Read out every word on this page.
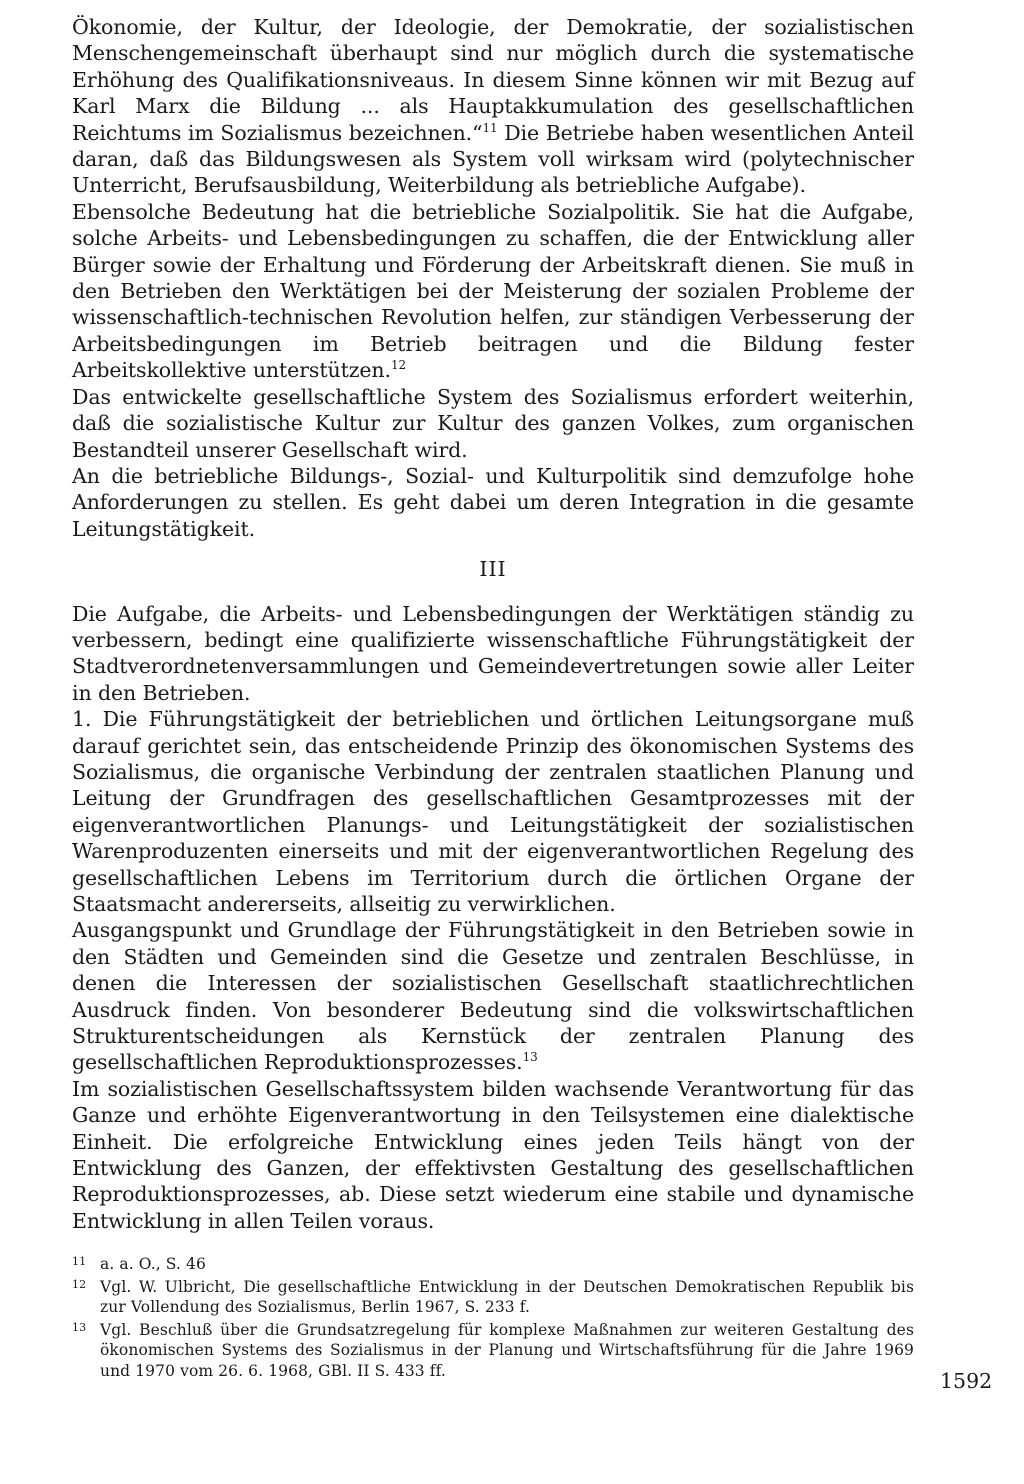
Ökonomie, der Kultur, der Ideologie, der Demokratie, der sozialistischen Menschengemeinschaft überhaupt sind nur möglich durch die systematische Erhöhung des Qualifikationsniveaus. In diesem Sinne können wir mit Bezug auf Karl Marx die Bildung ... als Hauptakkumulation des gesellschaftlichen Reichtums im Sozialismus bezeichnen.“$^{11}$ Die Betriebe haben wesentlichen Anteil daran, daß das Bildungswesen als System voll wirksam wird (polytechnischer Unterricht, Berufsausbildung, Weiterbildung als betriebliche Aufgabe).

Ebensolche Bedeutung hat die betriebliche Sozialpolitik. Sie hat die Aufgabe, solche Arbeits- und Lebensbedingungen zu schaffen, die der Entwicklung aller Bürger sowie der Erhaltung und Förderung der Arbeitskraft dienen. Sie muß in den Betrieben den Werktätigen bei der Meisterung der sozialen Probleme der wissenschaftlich-technischen Revolution helfen, zur ständigen Verbesserung der Arbeitsbedingungen im Betrieb beitragen und die Bildung fester Arbeitskollektive unterstützen.$^{12}$

Das entwickelte gesellschaftliche System des Sozialismus erfordert weiterhin, daß die sozialistische Kultur zur Kultur des ganzen Volkes, zum organischen Bestandteil unserer Gesellschaft wird.

An die betriebliche Bildungs-, Sozial- und Kulturpolitik sind demzufolge hohe Anforderungen zu stellen. Es geht dabei um deren Integration in die gesamte Leitungstätigkeit.

III

Die Aufgabe, die Arbeits- und Lebensbedingungen der Werktätigen ständig zu verbessern, bedingt eine qualifizierte wissenschaftliche Führungstätigkeit der Stadtverordnetenversammlungen und Gemeindevertretungen sowie aller Leiter in den Betrieben.

1. Die Führungstätigkeit der betrieblichen und örtlichen Leitungsorgane muß darauf gerichtet sein, das entscheidende Prinzip des ökonomischen Systems des Sozialismus, die organische Verbindung der zentralen staatlichen Planung und Leitung der Grundfragen des gesellschaftlichen Gesamtprozesses mit der eigenverantwortlichen Planungs- und Leitungstätigkeit der sozialistischen Warenproduzenten einerseits und mit der eigenverantwortlichen Regelung des gesellschaftlichen Lebens im Territorium durch die örtlichen Organe der Staatsmacht andererseits, allseitig zu verwirklichen.

Ausgangspunkt und Grundlage der Führungstätigkeit in den Betrieben sowie in den Städten und Gemeinden sind die Gesetze und zentralen Beschlüsse, in denen die Interessen der sozialistischen Gesellschaft staatlichrechtlichen Ausdruck finden. Von besonderer Bedeutung sind die volkswirtschaftlichen Strukturentscheidungen als Kernstück der zentralen Planung des gesellschaftlichen Reproduktionsprozesses.$^{13}$

Im sozialistischen Gesellschaftssystem bilden wachsende Verantwortung für das Ganze und erhöhte Eigenverantwortung in den Teilsystemen eine dialektische Einheit. Die erfolgreiche Entwicklung eines jeden Teils hängt von der Entwicklung des Ganzen, der effektivsten Gestaltung des gesellschaftlichen Reproduktionsprozesses, ab. Diese setzt wiederum eine stabile und dynamische Entwicklung in allen Teilen voraus.

11 a. a. O., S. 46
12 Vgl. W. Ulbricht, Die gesellschaftliche Entwicklung in der Deutschen Demokratischen Republik bis zur Vollendung des Sozialismus, Berlin 1967, S. 233 f.
13 Vgl. Beschluß über die Grundsatzregelung für komplexe Maßnahmen zur weiteren Gestaltung des ökonomischen Systems des Sozialismus in der Planung und Wirtschaftsführung für die Jahre 1969 und 1970 vom 26. 6. 1968, GBl. II S. 433 ff.	1592
